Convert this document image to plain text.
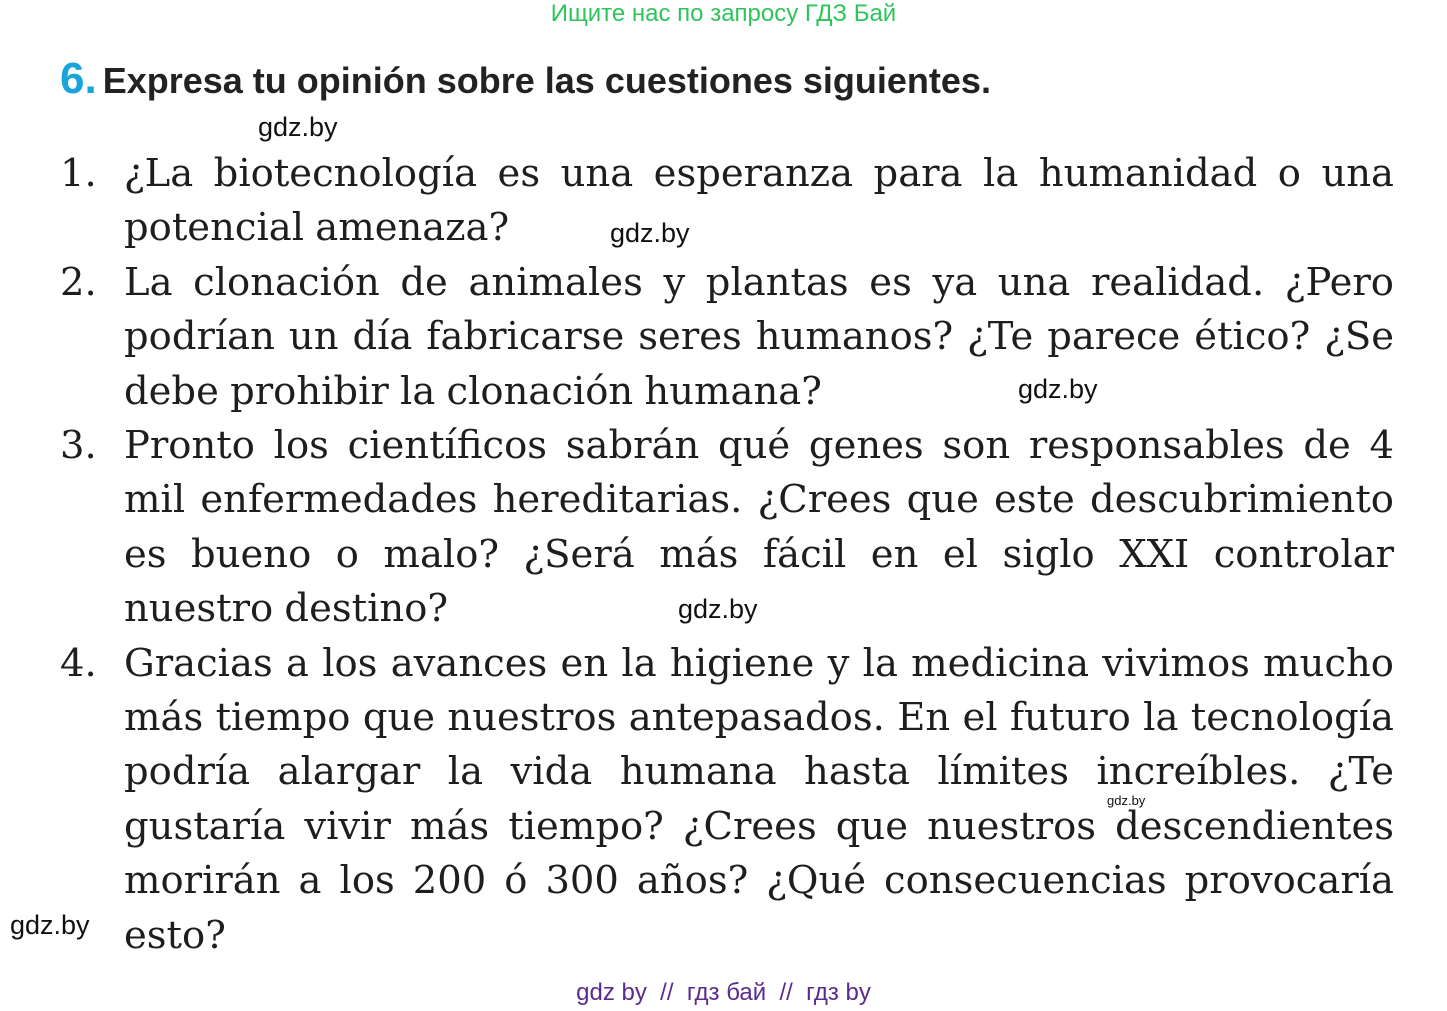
Ищите нас по запросу ГДЗ Бай
6. Expresa tu opinión sobre las cuestiones siguientes.
gdz.by
1. ¿La biotecnología es una esperanza para la humanidad o una potencial amenaza?
2. La clonación de animales y plantas es ya una realidad. ¿Pero podrían un día fabricarse seres humanos? ¿Te parece ético? ¿Se debe prohibir la clonación humana?
3. Pronto los científicos sabrán qué genes son responsables de 4 mil enfermedades hereditarias. ¿Crees que este descubrimiento es bueno o malo? ¿Será más fácil en el siglo XXI controlar nuestro destino?
4. Gracias a los avances en la higiene y la medicina vivimos mucho más tiempo que nuestros antepasados. En el futuro la tecnología podría alargar la vida humana hasta límites increíbles. ¿Te gustaría vivir más tiempo? ¿Crees que nuestros descendientes morirán a los 200 ó 300 años? ¿Qué consecuencias provocaría esto?
gdz.by
gdz.by
gdz.by
gdz.by
gdz.by
gdz by  //  гдз бай  //  гдз by
